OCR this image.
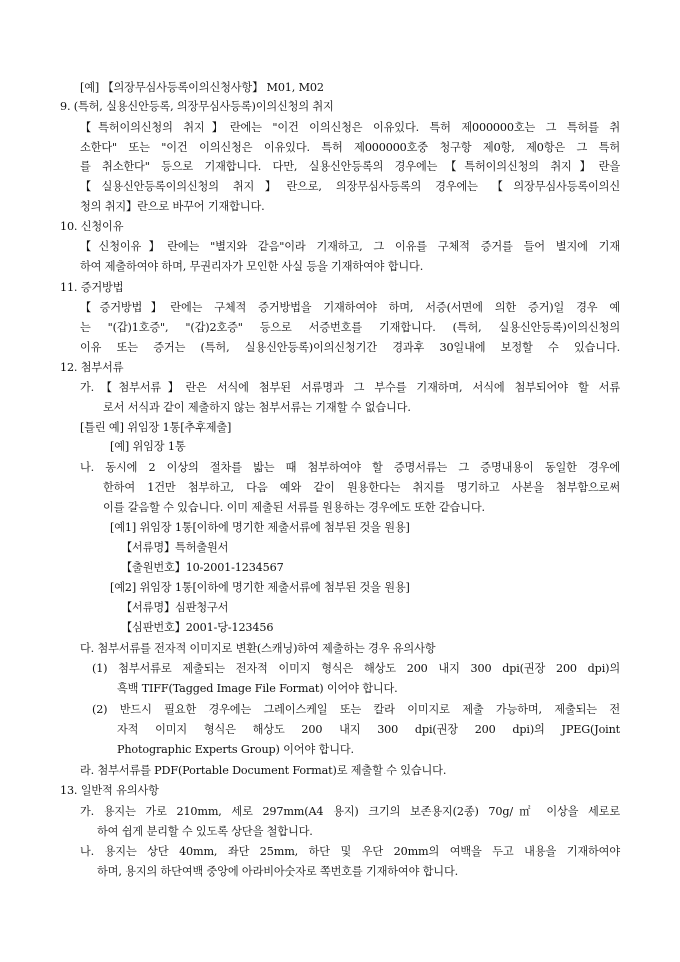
[예] 【의장무심사등록이의신청사항】 M01, M02
9. (특허, 실용신안등록, 의장무심사등록)이의신청의 취지
【특허이의신청의 취지】란에는 "이건 이의신청은 이유있다. 특허 제000000호는 그 특허를 취
소한다" 또는 "이건 이의신청은 이유있다. 특허 제000000호중 청구항 제0항, 제0항은 그 특허
를 취소한다" 등으로 기재합니다. 다만, 실용신안등록의 경우에는【특허이의신청의 취지】란을
【실용신안등록이의신청의 취지】란으로, 의장무심사등록의 경우에는 【의장무심사등록이의신
청의 취지】란으로 바꾸어 기재합니다.
10. 신청이유
【신청이유】란에는 "별지와 같음"이라 기재하고, 그 이유를 구체적 증거를 들어 별지에 기재
하여 제출하여야 하며, 무권리자가 모인한 사실 등을 기재하여야 합니다.
11. 증거방법
【증거방법】란에는 구체적 증거방법을 기재하여야 하며, 서증(서면에 의한 증거)일 경우 예
는 "(갑)1호증", "(갑)2호증" 등으로 서증번호를 기재합니다. (특허, 실용신안등록)이의신청의
이유 또는 증거는 (특허, 실용신안등록)이의신청기간 경과후 30일내에 보정할 수 있습니다.
12. 첨부서류
가.【첨부서류】란은 서식에 첨부된 서류명과 그 부수를 기재하며, 서식에 첨부되어야 할 서류
로서 서식과 같이 제출하지 않는 첨부서류는 기재할 수 없습니다.
[틀린 예] 위임장 1통[추후제출]
[예] 위임장 1통
나. 동시에 2 이상의 절차를 밟는 때 첨부하여야 할 증명서류는 그 증명내용이 동일한 경우에
한하여 1건만 첨부하고, 다음 예와 같이 원용한다는 취지를 명기하고 사본을 첨부함으로써
이를 갈음할 수 있습니다. 이미 제출된 서류를 원용하는 경우에도 또한 같습니다.
[예1] 위임장 1통[이하에 명기한 제출서류에 첨부된 것을 원용]
【서류명】특허출원서
【출원번호】10-2001-1234567
[예2] 위임장 1통[이하에 명기한 제출서류에 첨부된 것을 원용]
【서류명】심판청구서
【심판번호】2001-당-123456
다. 첨부서류를 전자적 이미지로 변환(스캐닝)하여 제출하는 경우 유의사항
(1) 첨부서류로 제출되는 전자적 이미지 형식은 해상도 200 내지 300 dpi(권장 200 dpi)의
흑백 TIFF(Tagged Image File Format) 이어야 합니다.
(2) 반드시 필요한 경우에는 그레이스케일 또는 칼라 이미지로 제출 가능하며, 제출되는 전
자적 이미지 형식은 해상도 200 내지 300 dpi(권장 200 dpi)의 JPEG(Joint
Photographic Experts Group) 이어야 합니다.
라. 첨부서류를 PDF(Portable Document Format)로 제출할 수 있습니다.
13. 일반적 유의사항
가. 용지는 가로 210mm, 세로 297mm(A4 용지) 크기의 보존용지(2종) 70g/㎡ 이상을 세로로
하여 쉽게 분리할 수 있도록 상단을 철합니다.
나. 용지는 상단 40mm, 좌단 25mm, 하단 및 우단 20mm의 여백을 두고 내용을 기재하여야
하며, 용지의 하단여백 중앙에 아라비아숫자로 쪽번호를 기재하여야 합니다.
